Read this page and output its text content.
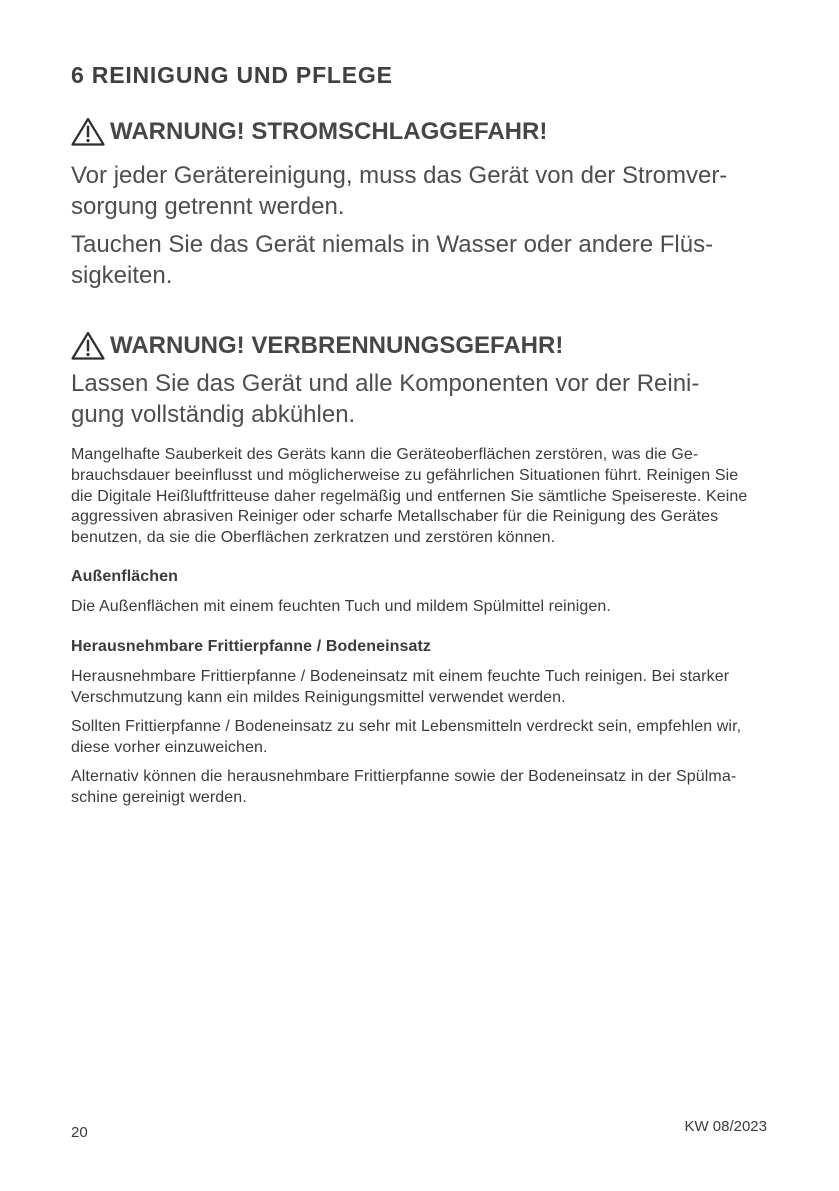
6 REINIGUNG UND PFLEGE
WARNUNG! STROMSCHLAGGEFAHR!

Vor jeder Gerätereinigung, muss das Gerät von der Stromver-
sorgung getrennt werden.

Tauchen Sie das Gerät niemals in Wasser oder andere Flüs-
sigkeiten.

WARNUNG! VERBRENNUNGSGEFAHR!

Lassen Sie das Gerät und alle Komponenten vor der Reini-
gung vollständig abkühlen.

Mangelhafte Sauberkeit des Geräts kann die Geräteoberflächen zerstören, was die Ge-
brauchsdauer beeinflusst und möglicherweise zu gefährlichen Situationen führt. Reinigen Sie
die Digitale Heißluftfritteuse daher regelmäßig und entfernen Sie sämtliche Speisereste. Keine
aggressiven abrasiven Reiniger oder scharfe Metallschaber für die Reinigung des Gerätes
benutzen, da sie die Oberflächen zerkratzen und zerstören können.

Außenflächen

Die Außenflächen mit einem feuchten Tuch und mildem Spülmittel reinigen.

Herausnehmbare Frittierpfanne / Bodeneinsatz

Herausnehmbare Frittierpfanne / Bodeneinsatz mit einem feuchte Tuch reinigen. Bei starker
Verschmutzung kann ein mildes Reinigungsmittel verwendet werden.

Sollten Frittierpfanne / Bodeneinsatz zu sehr mit Lebensmitteln verdreckt sein, empfehlen wir,
diese vorher einzuweichen.

Alternativ können die herausnehmbare Frittierpfanne sowie der Bodeneinsatz in der Spülma-
schine gereinigt werden.

20	KW 08/2023
